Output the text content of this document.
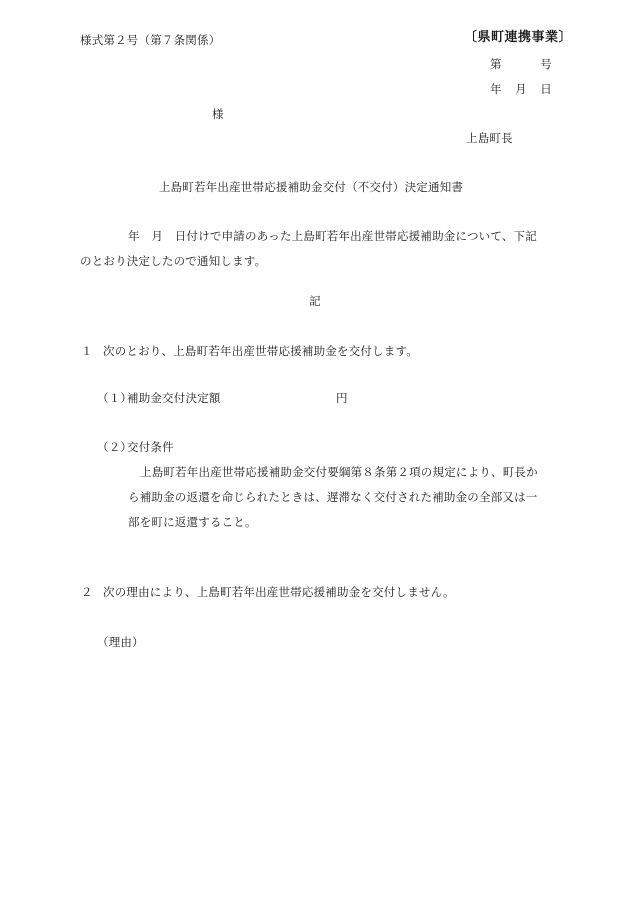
様式第２号（第７条関係）	〔県町連携事業〕
第	号
年 月 日
様
上島町長
上島町若年出産世帯応援補助金交付（不交付）決定通知書
年　月　日付けで申請のあった上島町若年出産世帯応援補助金について、下記
のとおり決定したので通知します。
記
１ 次のとおり、上島町若年出産世帯応援補助金を交付します。
（１）補助金交付決定額	円
（２）交付条件
上島町若年出産世帯応援補助金交付要綱第８条第２項の規定により、町長か
ら補助金の返還を命じられたときは、遅滞なく交付された補助金の全部又は一
部を町に返還すること。
２ 次の理由により、上島町若年出産世帯応援補助金を交付しません。
（理由）
